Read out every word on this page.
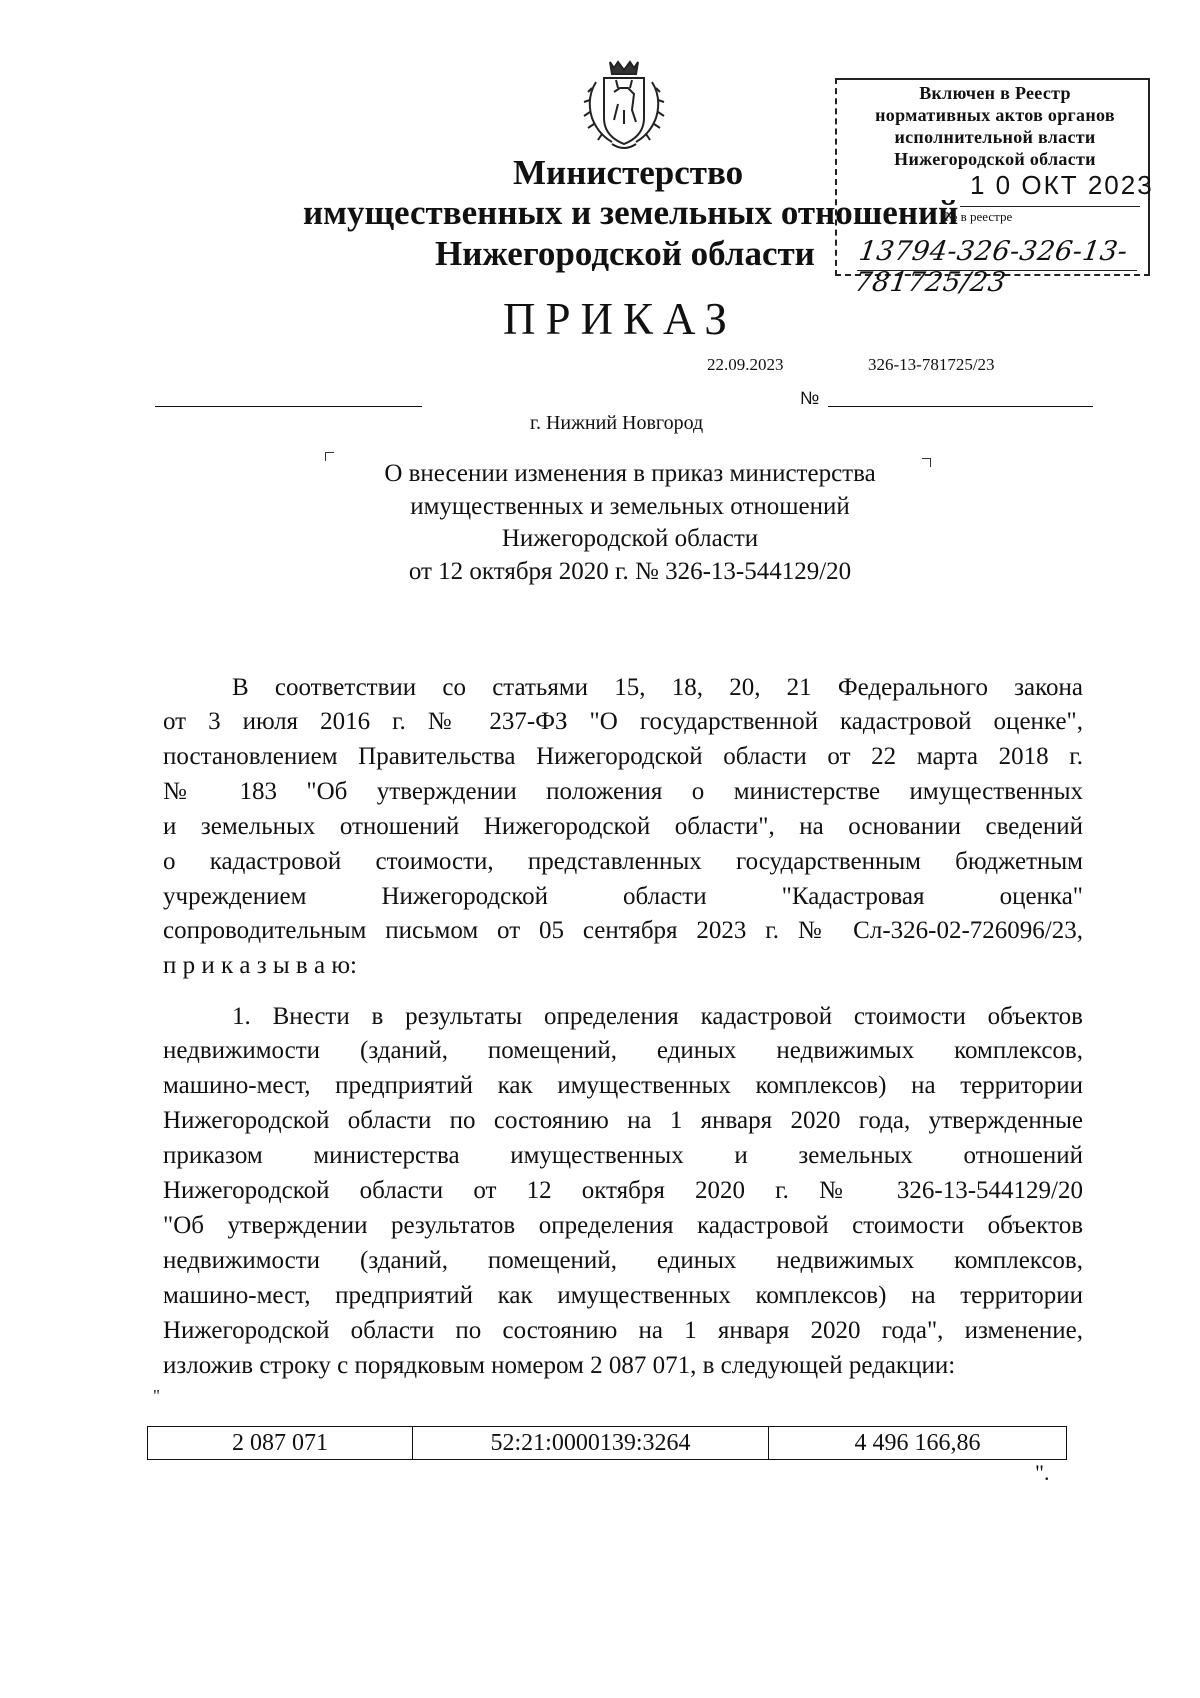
Министерство
имущественных и земельных отношений
Нижегородской области
Включен в Реестр
нормативных актов органов
исполнительной власти
Нижегородской области
1 0 ОКТ 2023
№ в реестре
13794-326-326-13-781725/23
ПРИКАЗ
22.09.2023	326-13-781725/23
№
г. Нижний Новгород
О внесении изменения в приказ министерства
имущественных и земельных отношений
Нижегородской области
от 12 октября 2020 г. № 326-13-544129/20
В соответствии со статьями 15, 18, 20, 21 Федерального закона
от 3 июля 2016 г. № 237-ФЗ "О государственной кадастровой оценке",
постановлением Правительства Нижегородской области от 22 марта 2018 г.
№ 183 "Об утверждении положения о министерстве имущественных
и земельных отношений Нижегородской области", на основании сведений
о кадастровой стоимости, представленных государственным бюджетным
учреждением Нижегородской области "Кадастровая оценка"
сопроводительным письмом от 05 сентября 2023 г. № Сл-326-02-726096/23,
п р и к а з ы в а ю:
1. Внести в результаты определения кадастровой стоимости объектов
недвижимости (зданий, помещений, единых недвижимых комплексов,
машино-мест, предприятий как имущественных комплексов) на территории
Нижегородской области по состоянию на 1 января 2020 года, утвержденные
приказом министерства имущественных и земельных отношений
Нижегородской области от 12 октября 2020 г. № 326-13-544129/20
"Об утверждении результатов определения кадастровой стоимости объектов
недвижимости (зданий, помещений, единых недвижимых комплексов,
машино-мест, предприятий как имущественных комплексов) на территории
Нижегородской области по состоянию на 1 января 2020 года", изменение,
изложив строку с порядковым номером 2 087 071, в следующей редакции:
"
2 087 071	52:21:0000139:3264	4 496 166,86
".
